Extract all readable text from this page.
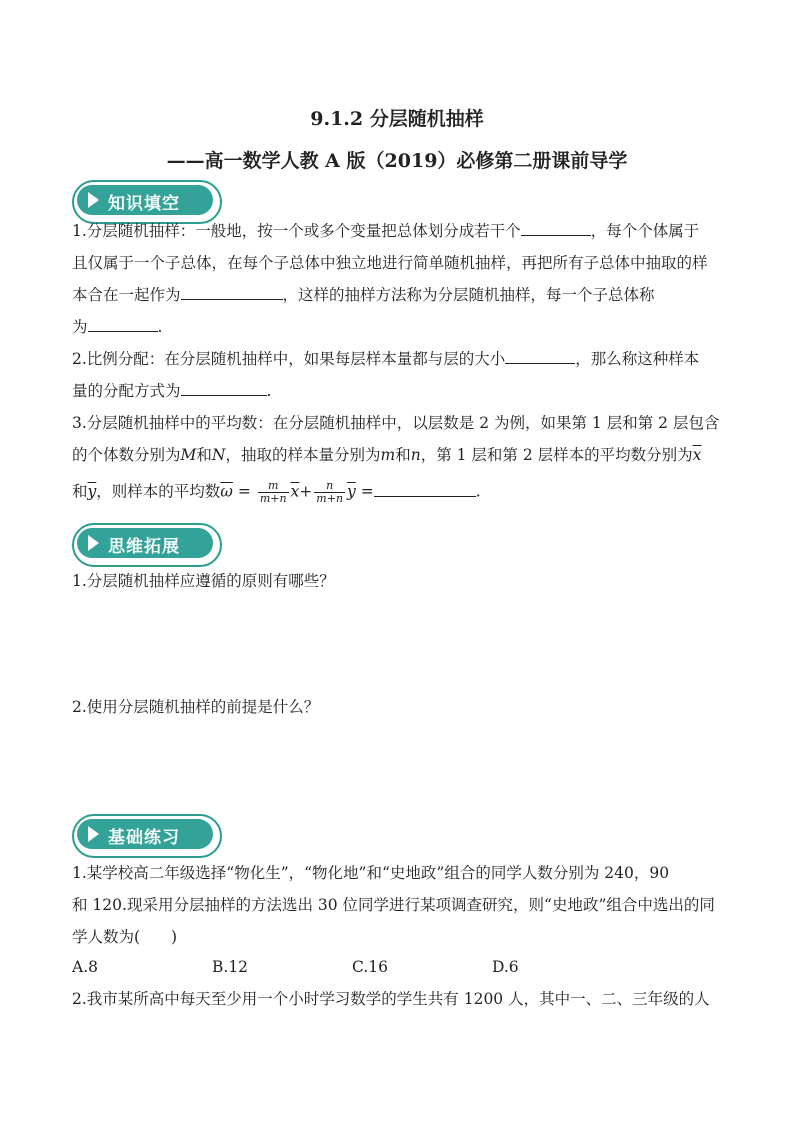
9.1.2 分层随机抽样
——高一数学人教 A 版（2019）必修第二册课前导学
知识填空
1.分层随机抽样：一般地，按一个或多个变量把总体划分成若干个	，每个个体属于
且仅属于一个子总体，在每个子总体中独立地进行简单随机抽样，再把所有子总体中抽取的样
本合在一起作为	，这样的抽样方法称为分层随机抽样，每一个子总体称
为	.
2.比例分配：在分层随机抽样中，如果每层样本量都与层的大小	，那么称这种样本
量的分配方式为	.
3.分层随机抽样中的平均数：在分层随机抽样中，以层数是 2 为例，如果第 1 层和第 2 层包含
的个体数分别为M和N，抽取的样本量分别为m和n，第 1 层和第 2 层样本的平均数分别为$\overline{x}$
和$\overline{y}$，则样本的平均数$\overline{\omega} = \frac{m}{m+n} \overline{x}+ \frac{n}{m+n} \overline{y}$ =	.
思维拓展
1.分层随机抽样应遵循的原则有哪些？
2.使用分层随机抽样的前提是什么？
基础练习
1.某学校高二年级选择“物化生”，“物化地”和“史地政”组合的同学人数分别为 240，90
和 120.现采用分层抽样的方法选出 30 位同学进行某项调查研究，则“史地政”组合中选出的同
学人数为(　　)
A.8	B.12	C.16	D.6
2.我市某所高中每天至少用一个小时学习数学的学生共有 1200 人，其中一、二、三年级的人
